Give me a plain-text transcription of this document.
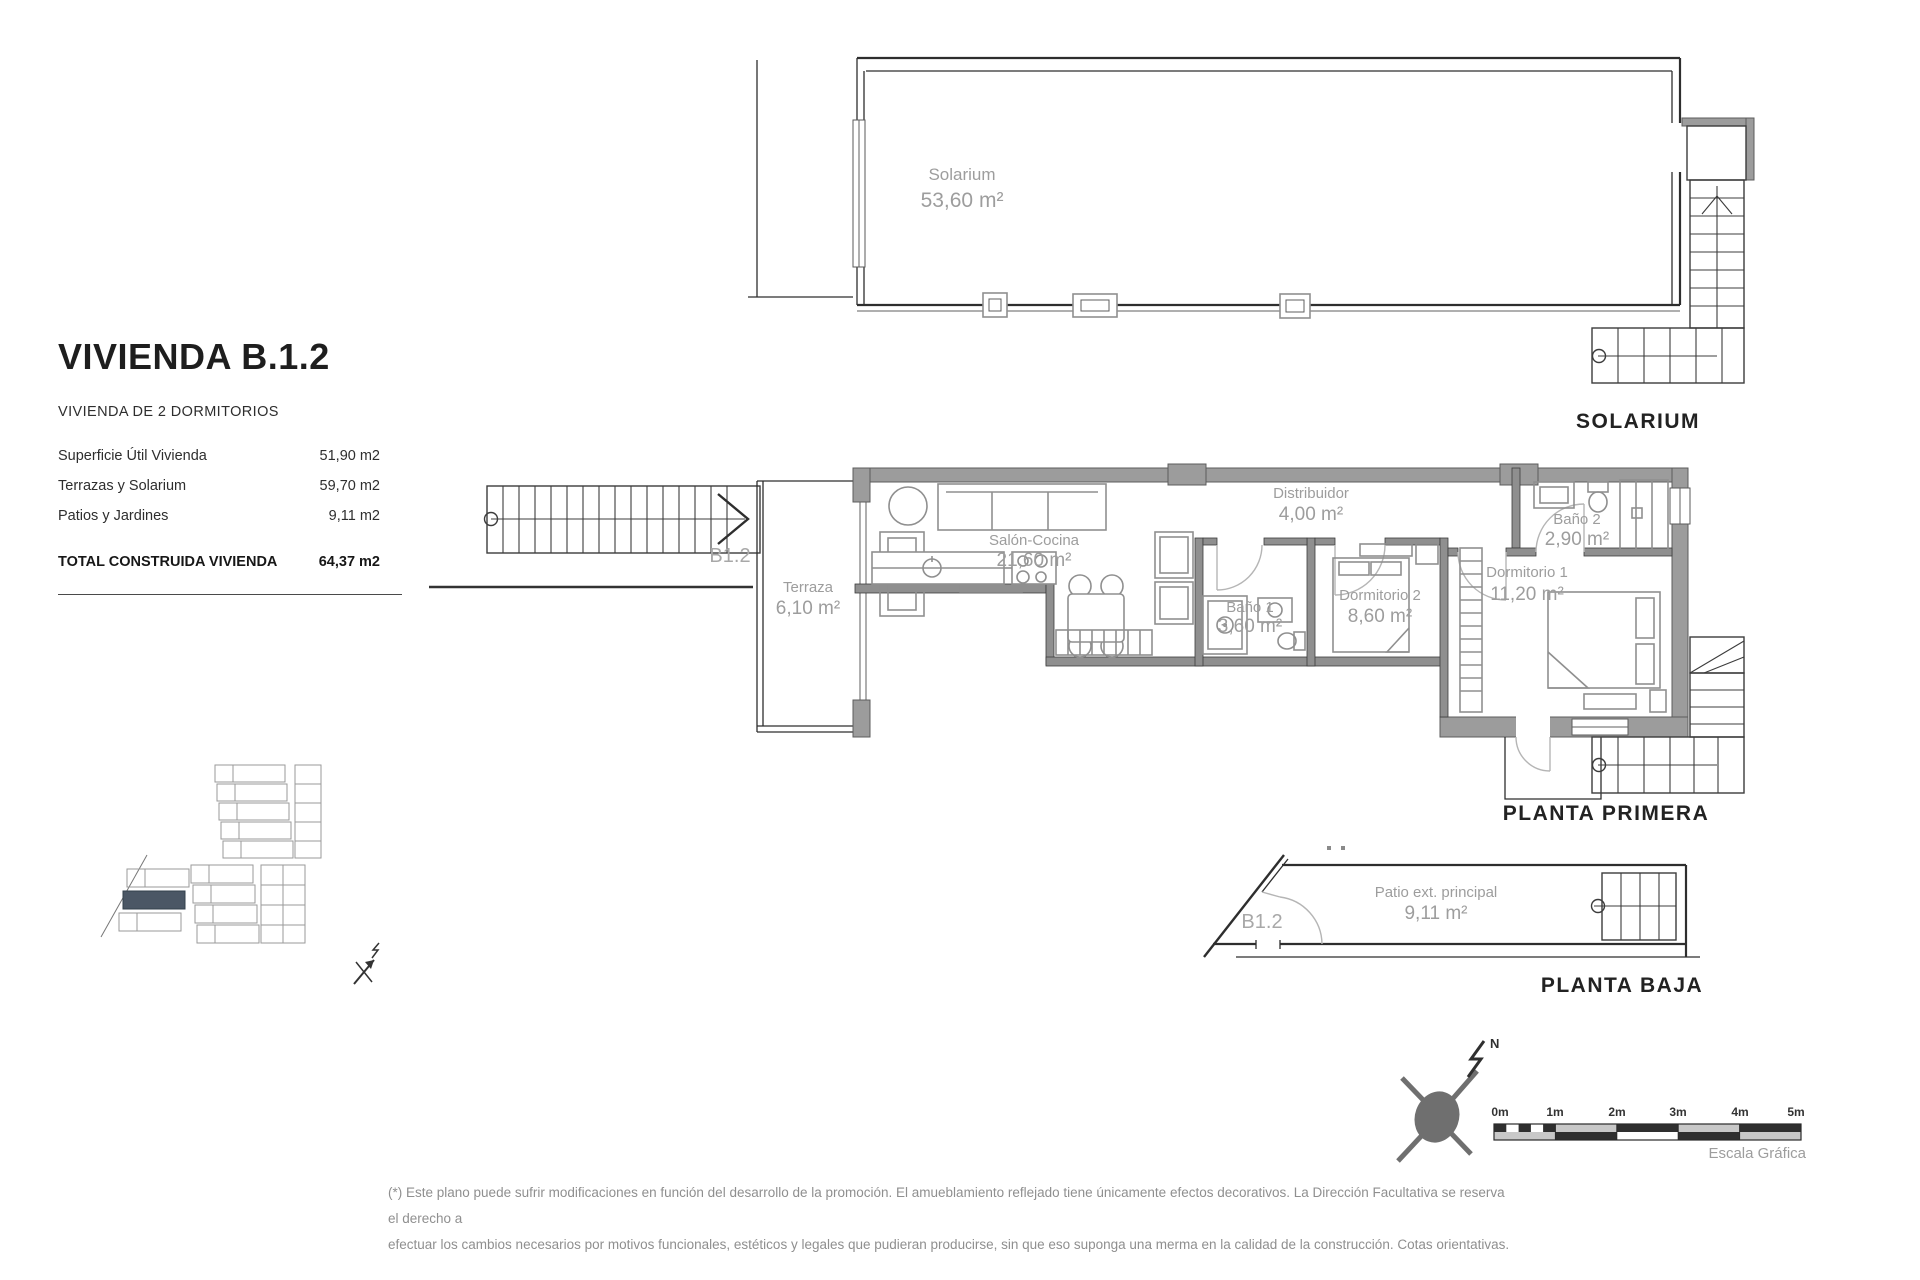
VIVIENDA B.1.2
VIVIENDA DE 2 DORMITORIOS
Superficie Útil Vivienda	51,90 m2
Terrazas y Solarium	59,70 m2
Patios y Jardines	9,11 m2
TOTAL CONSTRUIDA VIVIENDA	64,37 m2
Solarium
53,60 m²
SOLARIUM
Terraza
6,10 m²
Salón-Cocina
21,60 m²
Baño 1
3,60 m²
Distribuidor
4,00 m²
Dormitorio 2
8,60 m²
Baño 2
2,90 m²
Dormitorio 1
11,20 m²
B1.2
PLANTA PRIMERA
Patio ext. principal
9,11 m²
B1.2
PLANTA BAJA
N
0m	1m	2m	3m	4m	5m
Escala Gráfica
(*) Este plano puede sufrir modificaciones en función del desarrollo de la promoción. El amueblamiento reflejado tiene únicamente efectos decorativos. La Dirección Facultativa se reserva el derecho a
efectuar los cambios necesarios por motivos funcionales, estéticos y legales que pudieran producirse, sin que eso suponga una merma en la calidad de la construcción. Cotas orientativas.
